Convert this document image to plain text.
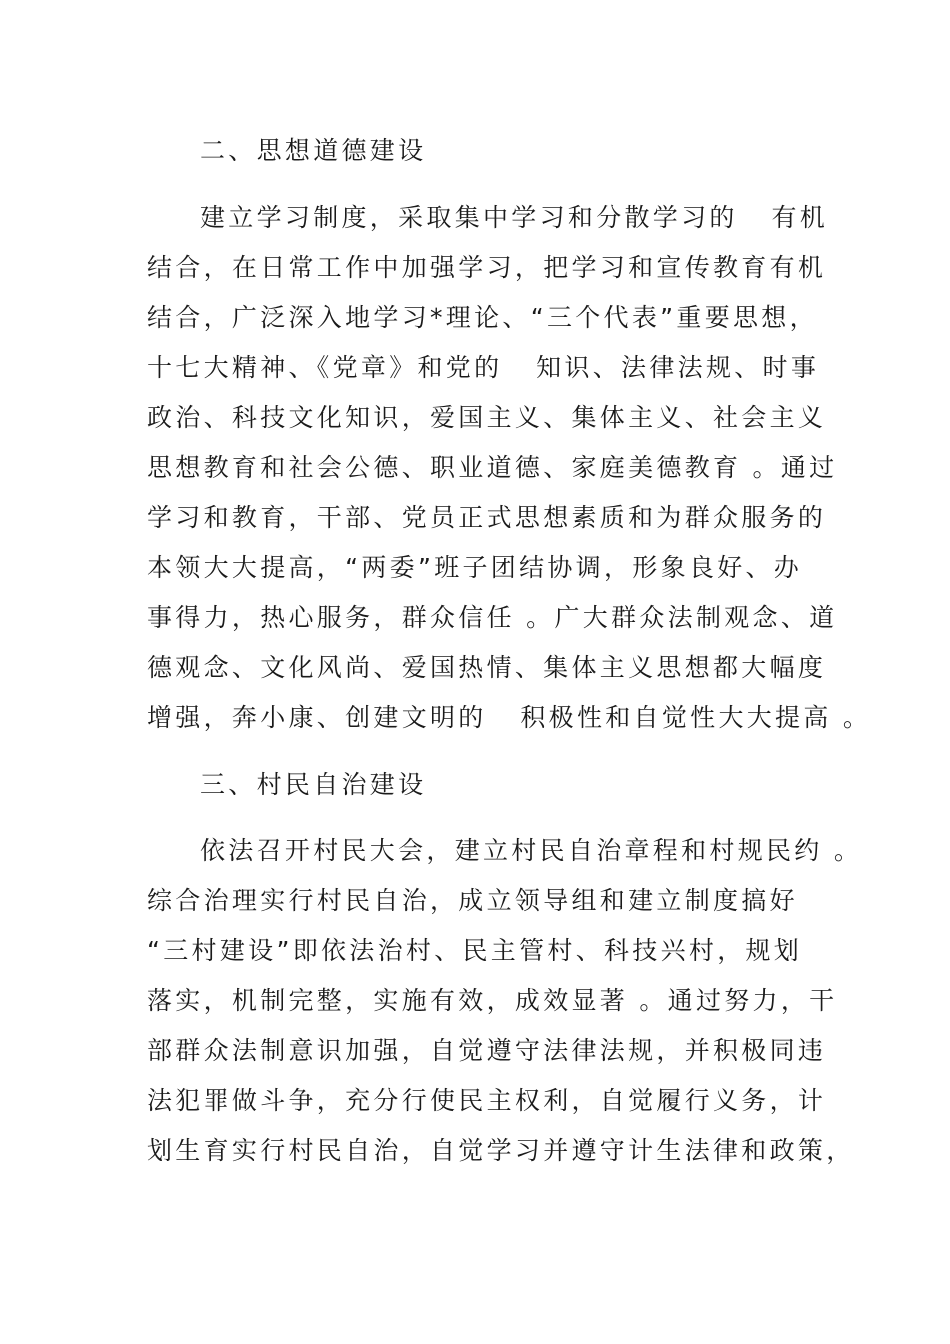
二、思想道德建设
建立学习制度，采取集中学习和分散学习的   有机
结合，在日常工作中加强学习，把学习和宣传教育有机
结合，广泛深入地学习*理论、“三个代表”重要思想，
十七大精神、《党章》和党的   知识、法律法规、时事
政治、科技文化知识，爱国主义、集体主义、社会主义
思想教育和社会公德、职业道德、家庭美德教育 。通过
学习和教育，干部、党员正式思想素质和为群众服务的
本领大大提高，“两委”班子团结协调，形象良好、办
事得力，热心服务，群众信任 。广大群众法制观念、道
德观念、文化风尚、爱国热情、集体主义思想都大幅度
增强，奔小康、创建文明的   积极性和自觉性大大提高 。
三、村民自治建设
依法召开村民大会，建立村民自治章程和村规民约 。
综合治理实行村民自治，成立领导组和建立制度搞好
“三村建设”即依法治村、民主管村、科技兴村，规划
落实，机制完整，实施有效，成效显著 。通过努力，干
部群众法制意识加强，自觉遵守法律法规，并积极同违
法犯罪做斗争，充分行使民主权利，自觉履行义务，计
划生育实行村民自治，自觉学习并遵守计生法律和政策，
